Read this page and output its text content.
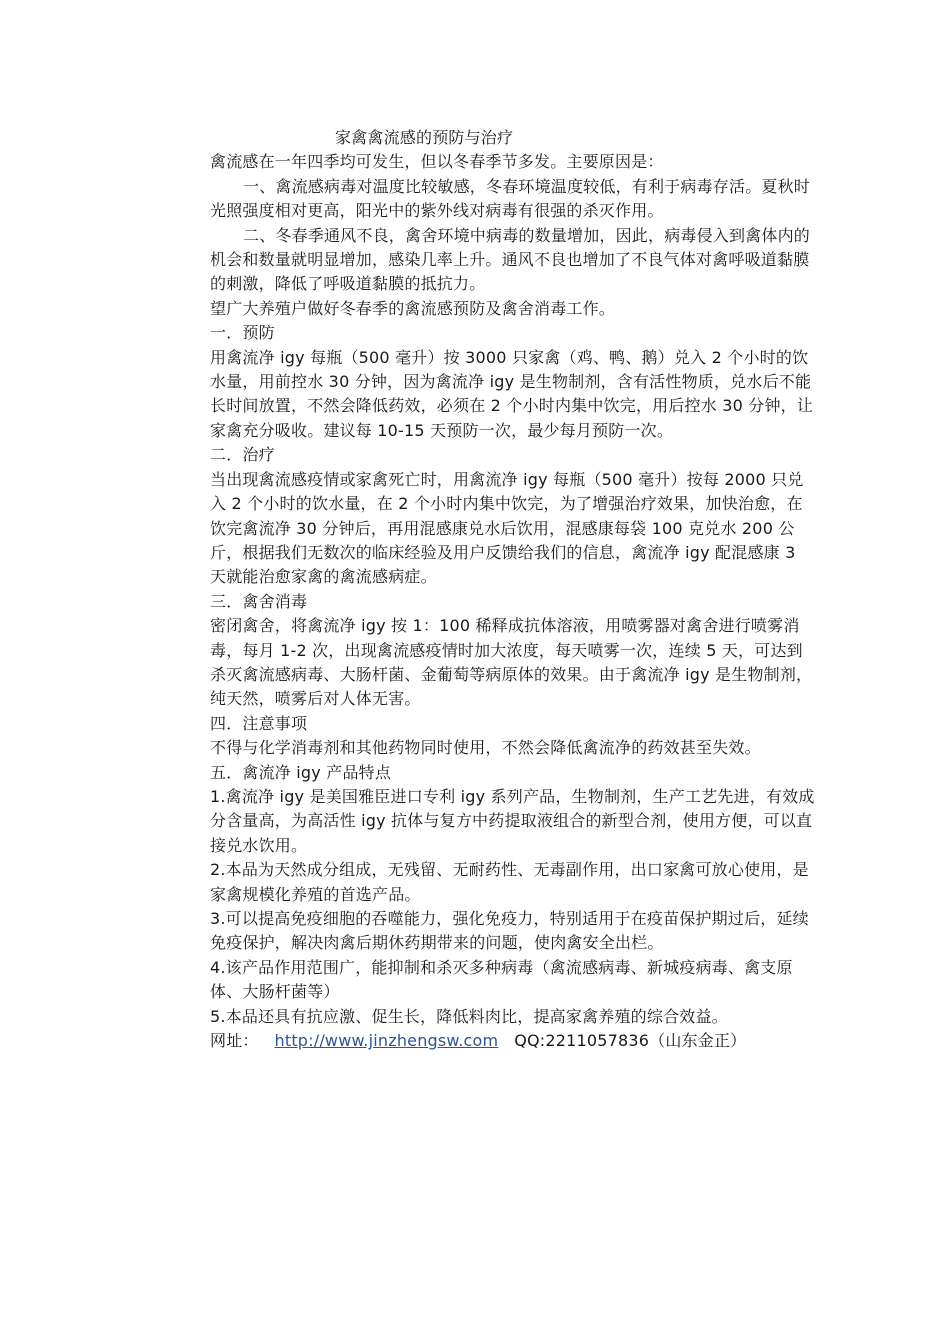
家禽禽流感的预防与治疗

禽流感在一年四季均可发生，但以冬春季节多发。主要原因是：

一、禽流感病毒对温度比较敏感，冬春环境温度较低，有利于病毒存活。夏秋时光照强度相对更高，阳光中的紫外线对病毒有很强的杀灭作用。

二、冬春季通风不良，禽舍环境中病毒的数量增加，因此，病毒侵入到禽体内的机会和数量就明显增加，感染几率上升。通风不良也增加了不良气体对禽呼吸道黏膜的刺激，降低了呼吸道黏膜的抵抗力。

望广大养殖户做好冬春季的禽流感预防及禽舍消毒工作。

一．预防

用禽流净 igy 每瓶（500 毫升）按 3000 只家禽（鸡、鸭、鹅）兑入 2 个小时的饮水量，用前控水 30 分钟，因为禽流净 igy 是生物制剂，含有活性物质，兑水后不能长时间放置，不然会降低药效，必须在 2 个小时内集中饮完，用后控水 30 分钟，让家禽充分吸收。建议每 10-15 天预防一次，最少每月预防一次。

二．治疗

当出现禽流感疫情或家禽死亡时，用禽流净 igy 每瓶（500 毫升）按每 2000 只兑入 2 个小时的饮水量，在 2 个小时内集中饮完，为了增强治疗效果，加快治愈，在饮完禽流净 30 分钟后，再用混感康兑水后饮用，混感康每袋 100 克兑水 200 公斤，根据我们无数次的临床经验及用户反馈给我们的信息，禽流净 igy 配混感康 3 天就能治愈家禽的禽流感病症。

三．禽舍消毒

密闭禽舍，将禽流净 igy 按 1：100 稀释成抗体溶液，用喷雾器对禽舍进行喷雾消毒，每月 1-2 次，出现禽流感疫情时加大浓度，每天喷雾一次，连续 5 天，可达到杀灭禽流感病毒、大肠杆菌、金葡萄等病原体的效果。由于禽流净 igy 是生物制剂，纯天然，喷雾后对人体无害。

四．注意事项

不得与化学消毒剂和其他药物同时使用，不然会降低禽流净的药效甚至失效。

五．禽流净 igy 产品特点

1.禽流净 igy 是美国雅臣进口专利 igy 系列产品，生物制剂，生产工艺先进，有效成分含量高，为高活性 igy 抗体与复方中药提取液组合的新型合剂，使用方便，可以直接兑水饮用。

2.本品为天然成分组成，无残留、无耐药性、无毒副作用，出口家禽可放心使用，是家禽规模化养殖的首选产品。

3.可以提高免疫细胞的吞噬能力，强化免疫力，特别适用于在疫苗保护期过后，延续免疫保护，解决肉禽后期休药期带来的问题，使肉禽安全出栏。

4.该产品作用范围广，能抑制和杀灭多种病毒（禽流感病毒、新城疫病毒、禽支原体、大肠杆菌等）

5.本品还具有抗应激、促生长，降低料肉比，提高家禽养殖的综合效益。

网址： http://www.jinzhengsw.com QQ:2211057836（山东金正）
